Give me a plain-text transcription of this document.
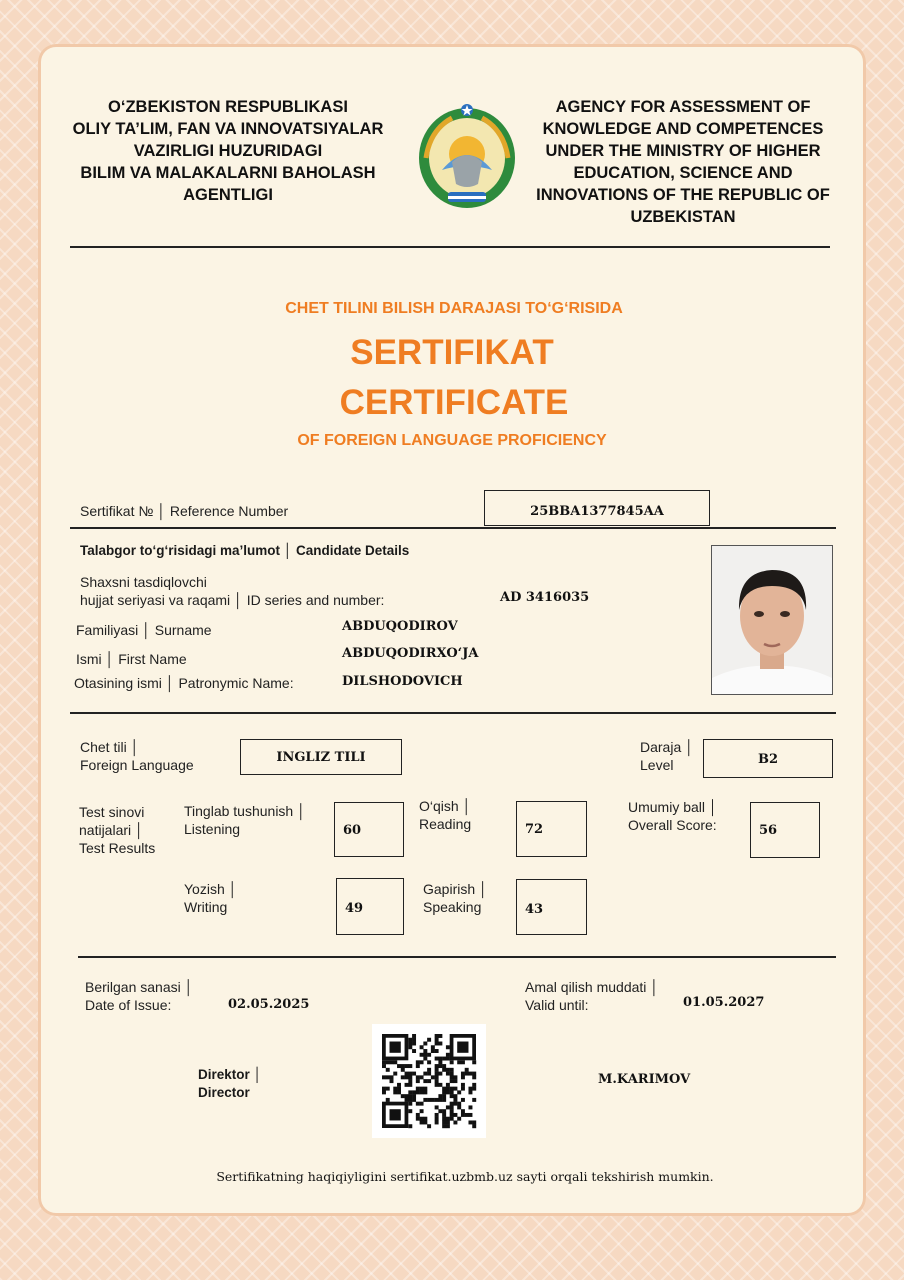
O‘ZBEKISTON RESPUBLIKASI
OLIY TA’LIM, FAN VA INNOVATSIYALAR
VAZIRLIGI HUZURIDAGI
BILIM VA MALAKALARNI BAHOLASH
AGENTLIGI
AGENCY FOR ASSESSMENT OF
KNOWLEDGE AND COMPETENCES
UNDER THE MINISTRY OF HIGHER
EDUCATION, SCIENCE AND
INNOVATIONS OF THE REPUBLIC OF
UZBEKISTAN
CHET TILINI BILISH DARAJASI TO‘G‘RISIDA
SERTIFIKAT
CERTIFICATE
OF FOREIGN LANGUAGE PROFICIENCY
Sertifikat № │ Reference Number	25BBA1377845AA
Talabgor to‘g‘risidagi ma’lumot │ Candidate Details
Shaxsni tasdiqlovchi
hujjat seriyasi va raqami │ ID series and number:	AD 3416035
Familiyasi │ Surname	ABDUQODIROV
Ismi │ First Name	ABDUQODIRXO‘JA
Otasining ismi │ Patronymic Name:	DILSHODOVICH
Chet tili │
Foreign Language	INGLIZ TILI
Daraja │
Level	B2
Test sinovi
natijalari │
Test Results
Tinglab tushunish │
Listening	60
O‘qish │
Reading	72
Umumiy ball │
Overall Score:	56
Yozish │
Writing	49
Gapirish │
Speaking	43
Berilgan sanasi │
Date of Issue:	02.05.2025
Amal qilish muddati │
Valid until:	01.05.2027
Direktor │
Director
M.KARIMOV
Sertifikatning haqiqiyligini sertifikat.uzbmb.uz sayti orqali tekshirish mumkin.
